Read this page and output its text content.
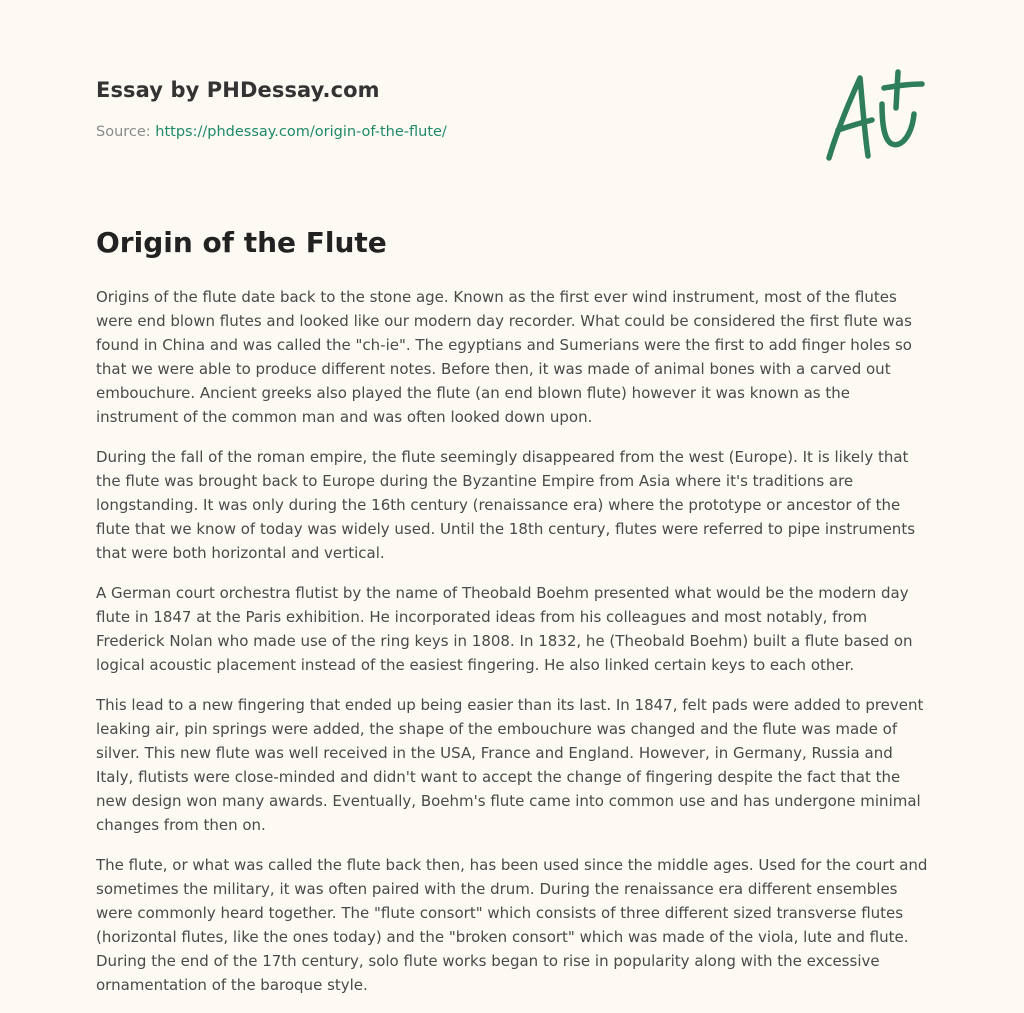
Essay by PHDessay.com
Source: https://phdessay.com/origin-of-the-flute/
Origin of the Flute

Origins of the flute date back to the stone age. Known as the first ever wind instrument, most of the flutes were end blown flutes and looked like our modern day recorder. What could be considered the first flute was found in China and was called the "ch-ie". The egyptians and Sumerians were the first to add finger holes so that we were able to produce different notes. Before then, it was made of animal bones with a carved out embouchure. Ancient greeks also played the flute (an end blown flute) however it was known as the instrument of the common man and was often looked down upon.

During the fall of the roman empire, the flute seemingly disappeared from the west (Europe). It is likely that the flute was brought back to Europe during the Byzantine Empire from Asia where it's traditions are longstanding. It was only during the 16th century (renaissance era) where the prototype or ancestor of the flute that we know of today was widely used. Until the 18th century, flutes were referred to pipe instruments that were both horizontal and vertical.

A German court orchestra flutist by the name of Theobald Boehm presented what would be the modern day flute in 1847 at the Paris exhibition. He incorporated ideas from his colleagues and most notably, from Frederick Nolan who made use of the ring keys in 1808. In 1832, he (Theobald Boehm) built a flute based on logical acoustic placement instead of the easiest fingering. He also linked certain keys to each other.

This lead to a new fingering that ended up being easier than its last. In 1847, felt pads were added to prevent leaking air, pin springs were added, the shape of the embouchure was changed and the flute was made of silver. This new flute was well received in the USA, France and England. However, in Germany, Russia and Italy, flutists were close-minded and didn't want to accept the change of fingering despite the fact that the new design won many awards. Eventually, Boehm's flute came into common use and has undergone minimal changes from then on.

The flute, or what was called the flute back then, has been used since the middle ages. Used for the court and sometimes the military, it was often paired with the drum. During the renaissance era different ensembles were commonly heard together. The "flute consort" which consists of three different sized transverse flutes (horizontal flutes, like the ones today) and the "broken consort" which was made of the viola, lute and flute. During the end of the 17th century, solo flute works began to rise in popularity along with the excessive ornamentation of the baroque style.
